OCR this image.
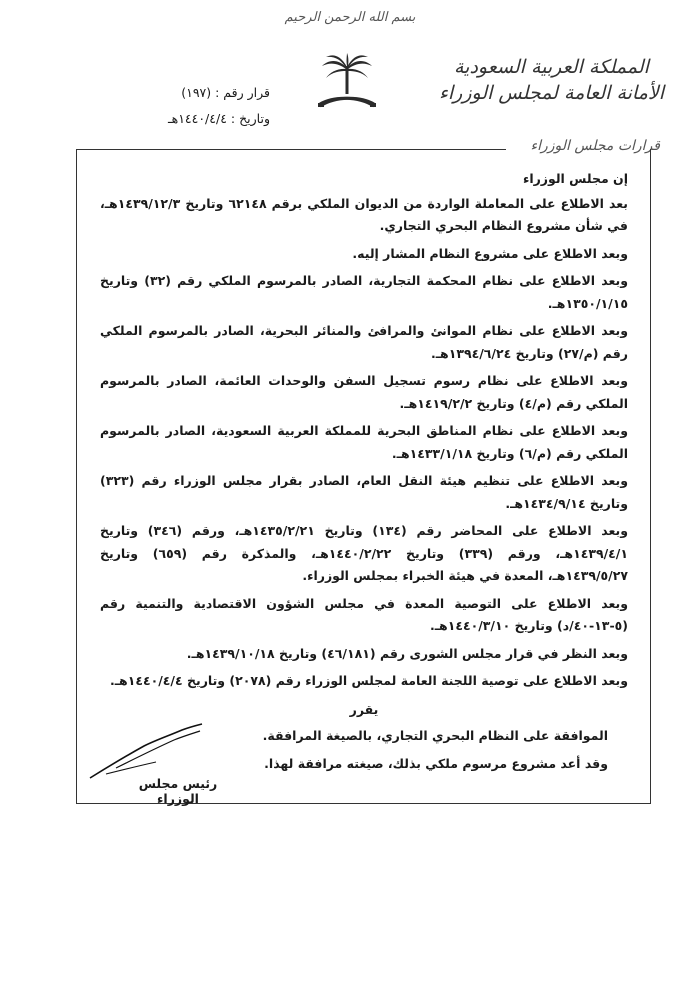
بسم الله الرحمن الرحيم
المملكة العربية السعودية
الأمانة العامة لمجلس الوزراء
قرار رقم : (١٩٧)
وتاريخ : ١٤٤٠/٤/٤هـ
قرارات مجلس الوزراء

إن مجلس الوزراء

بعد الاطلاع على المعاملة الواردة من الديوان الملكي برقم ٦٢١٤٨ وتاريخ ١٤٣٩/١٢/٣هـ، في شأن مشروع النظام البحري التجاري.

وبعد الاطلاع على مشروع النظام المشار إليه.

وبعد الاطلاع على نظام المحكمة التجارية، الصادر بالمرسوم الملكي رقم (٣٢) وتاريخ ١٣٥٠/١/١٥هـ.

وبعد الاطلاع على نظام الموانئ والمرافئ والمنائر البحرية، الصادر بالمرسوم الملكي رقم (م/٢٧) وتاريخ ١٣٩٤/٦/٢٤هـ.

وبعد الاطلاع على نظام رسوم تسجيل السفن والوحدات العائمة، الصادر بالمرسوم الملكي رقم (م/٤) وتاريخ ١٤١٩/٢/٢هـ.

وبعد الاطلاع على نظام المناطق البحرية للمملكة العربية السعودية، الصادر بالمرسوم الملكي رقم (م/٦) وتاريخ ١٤٣٣/١/١٨هـ.

وبعد الاطلاع على تنظيم هيئة النقل العام، الصادر بقرار مجلس الوزراء رقم (٣٢٣) وتاريخ ١٤٣٤/٩/١٤هـ.

وبعد الاطلاع على المحاضر رقم (١٣٤) وتاريخ ١٤٣٥/٢/٢١هـ، ورقم (٣٤٦) وتاريخ ١٤٣٩/٤/١هـ، ورقم (٣٣٩) وتاريخ ١٤٤٠/٢/٢٢هـ، والمذكرة رقم (٦٥٩) وتاريخ ١٤٣٩/٥/٢٧هـ، المعدة في هيئة الخبراء بمجلس الوزراء.

وبعد الاطلاع على التوصية المعدة في مجلس الشؤون الاقتصادية والتنمية رقم (٥-١٣-٤٠/د) وتاريخ ١٤٤٠/٣/١٠هـ.

وبعد النظر في قرار مجلس الشورى رقم (٤٦/١٨١) وتاريخ ١٤٣٩/١٠/١٨هـ.

وبعد الاطلاع على توصية اللجنة العامة لمجلس الوزراء رقم (٢٠٧٨) وتاريخ ١٤٤٠/٤/٤هـ.

يقرر

الموافقة على النظام البحري التجاري، بالصيغة المرافقة.

وقد أعد مشروع مرسوم ملكي بذلك، صيغته مرافقة لهذا.

رئيس مجلس الوزراء
